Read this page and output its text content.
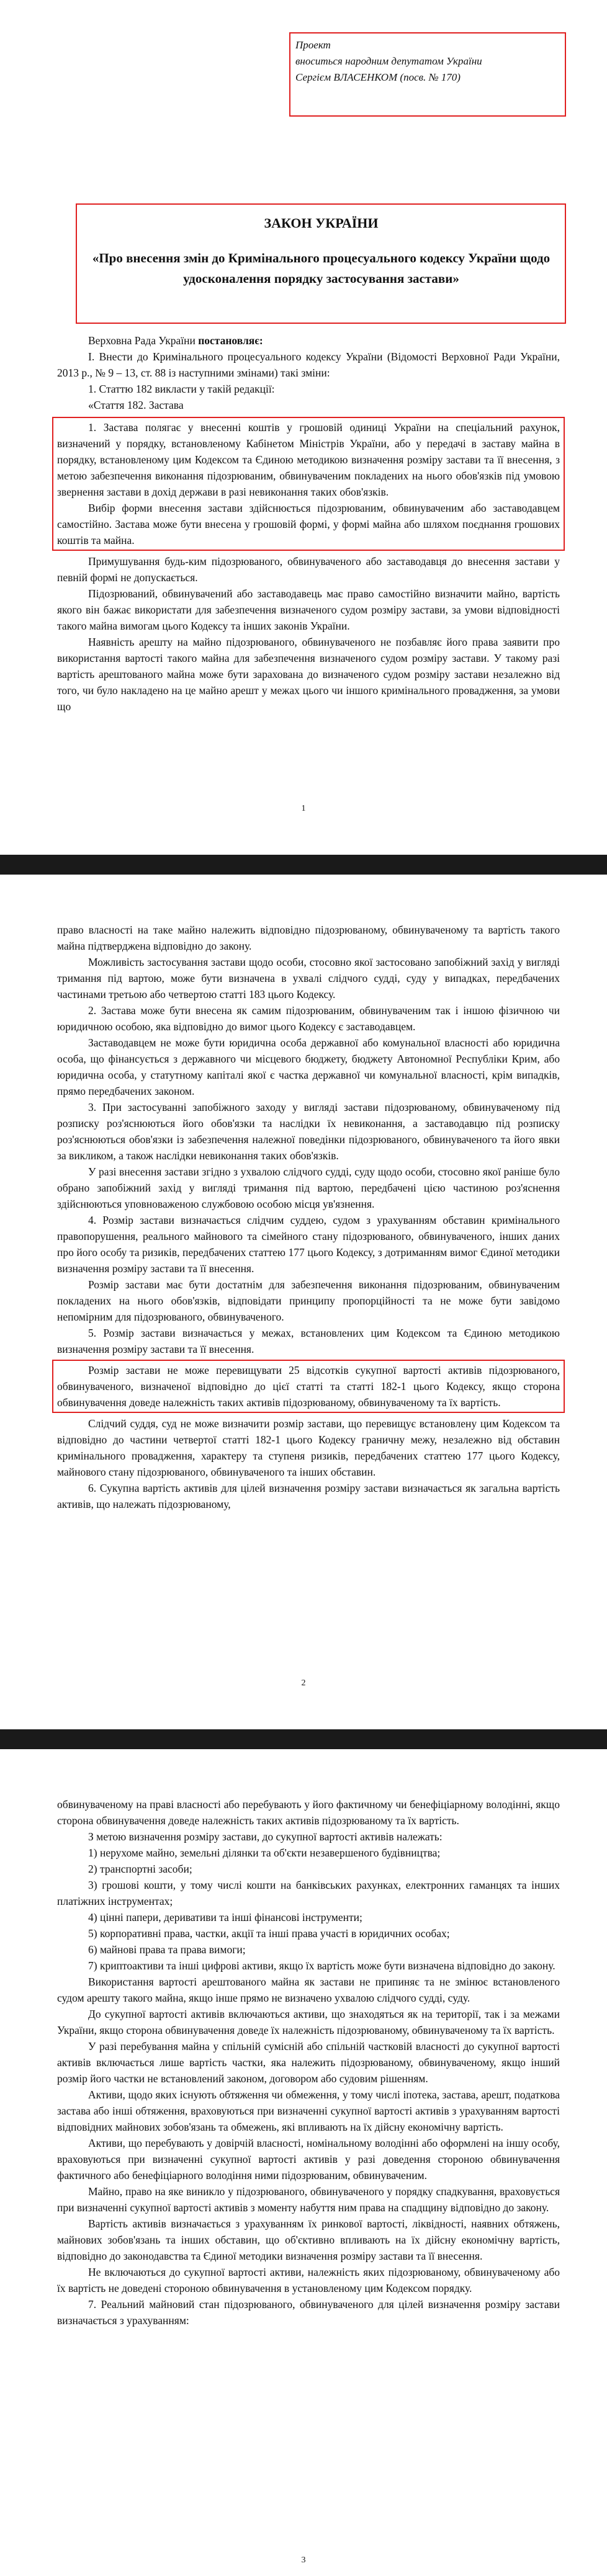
Проект
вноситься народним депутатом України
Сергієм ВЛАСЕНКОМ (посв. № 170)
ЗАКОН УКРАЇНИ
«Про внесення змін до Кримінального процесуального кодексу України щодо удосконалення порядку застосування застави»

Верховна Рада України постановляє:

І. Внести до Кримінального процесуального кодексу України (Відомості Верховної Ради України, 2013 р., № 9 – 13, ст. 88 із наступними змінами) такі зміни:

1. Статтю 182 викласти у такій редакції:

«Стаття 182. Застава

1. Застава полягає у внесенні коштів у грошовій одиниці України на спеціальний рахунок, визначений у порядку, встановленому Кабінетом Міністрів України, або у передачі в заставу майна в порядку, встановленому цим Кодексом та Єдиною методикою визначення розміру застави та її внесення, з метою забезпечення виконання підозрюваним, обвинуваченим покладених на нього обов'язків під умовою звернення застави в дохід держави в разі невиконання таких обов'язків.

Вибір форми внесення застави здійснюється підозрюваним, обвинуваченим або заставодавцем самостійно. Застава може бути внесена у грошовій формі, у формі майна або шляхом поєднання грошових коштів та майна.

Примушування будь-ким підозрюваного, обвинуваченого або заставодавця до внесення застави у певній формі не допускається.

Підозрюваний, обвинувачений або заставодавець має право самостійно визначити майно, вартість якого він бажає використати для забезпечення визначеного судом розміру застави, за умови відповідності такого майна вимогам цього Кодексу та інших законів України.

Наявність арешту на майно підозрюваного, обвинуваченого не позбавляє його права заявити про використання вартості такого майна для забезпечення визначеного судом розміру застави. У такому разі вартість арештованого майна може бути зарахована до визначеного судом розміру застави незалежно від того, чи було накладено на це майно арешт у межах цього чи іншого кримінального провадження, за умови що

1

право власності на таке майно належить відповідно підозрюваному, обвинуваченому та вартість такого майна підтверджена відповідно до закону.

Можливість застосування застави щодо особи, стосовно якої застосовано запобіжний захід у вигляді тримання під вартою, може бути визначена в ухвалі слідчого судді, суду у випадках, передбачених частинами третьою або четвертою статті 183 цього Кодексу.

2. Застава може бути внесена як самим підозрюваним, обвинуваченим так і іншою фізичною чи юридичною особою, яка відповідно до вимог цього Кодексу є заставодавцем.

Заставодавцем не може бути юридична особа державної або комунальної власності або юридична особа, що фінансується з державного чи місцевого бюджету, бюджету Автономної Республіки Крим, або юридична особа, у статутному капіталі якої є частка державної чи комунальної власності, крім випадків, прямо передбачених законом.

3. При застосуванні запобіжного заходу у вигляді застави підозрюваному, обвинуваченому під розписку роз'яснюються його обов'язки та наслідки їх невиконання, а заставодавцю під розписку роз'яснюються обов'язки із забезпечення належної поведінки підозрюваного, обвинуваченого та його явки за викликом, а також наслідки невиконання таких обов'язків.

У разі внесення застави згідно з ухвалою слідчого судді, суду щодо особи, стосовно якої раніше було обрано запобіжний захід у вигляді тримання під вартою, передбачені цією частиною роз'яснення здійснюються уповноваженою службовою особою місця ув'язнення.

4. Розмір застави визначається слідчим суддею, судом з урахуванням обставин кримінального правопорушення, реального майнового та сімейного стану підозрюваного, обвинуваченого, інших даних про його особу та ризиків, передбачених статтею 177 цього Кодексу, з дотриманням вимог Єдиної методики визначення розміру застави та її внесення.

Розмір застави має бути достатнім для забезпечення виконання підозрюваним, обвинуваченим покладених на нього обов'язків, відповідати принципу пропорційності та не може бути завідомо непомірним для підозрюваного, обвинуваченого.

5. Розмір застави визначається у межах, встановлених цим Кодексом та Єдиною методикою визначення розміру застави та її внесення.

Розмір застави не може перевищувати 25 відсотків сукупної вартості активів підозрюваного, обвинуваченого, визначеної відповідно до цієї статті та статті 182-1 цього Кодексу, якщо сторона обвинувачення доведе належність таких активів підозрюваному, обвинуваченому та їх вартість.

Слідчий суддя, суд не може визначити розмір застави, що перевищує встановлену цим Кодексом та відповідно до частини четвертої статті 182-1 цього Кодексу граничну межу, незалежно від обставин кримінального провадження, характеру та ступеня ризиків, передбачених статтею 177 цього Кодексу, майнового стану підозрюваного, обвинуваченого та інших обставин.

6. Сукупна вартість активів для цілей визначення розміру застави визначається як загальна вартість активів, що належать підозрюваному,

2

обвинуваченому на праві власності або перебувають у його фактичному чи бенефіціарному володінні, якщо сторона обвинувачення доведе належність таких активів підозрюваному та їх вартість.

З метою визначення розміру застави, до сукупної вартості активів належать:

1) нерухоме майно, земельні ділянки та об'єкти незавершеного будівництва;

2) транспортні засоби;

3) грошові кошти, у тому числі кошти на банківських рахунках, електронних гаманцях та інших платіжних інструментах;

4) цінні папери, деривативи та інші фінансові інструменти;

5) корпоративні права, частки, акції та інші права участі в юридичних особах;

6) майнові права та права вимоги;

7) криптоактиви та інші цифрові активи, якщо їх вартість може бути визначена відповідно до закону.

Використання вартості арештованого майна як застави не припиняє та не змінює встановленого судом арешту такого майна, якщо інше прямо не визначено ухвалою слідчого судді, суду.

До сукупної вартості активів включаються активи, що знаходяться як на території, так і за межами України, якщо сторона обвинувачення доведе їх належність підозрюваному, обвинуваченому та їх вартість.

У разі перебування майна у спільній сумісній або спільній частковій власності до сукупної вартості активів включається лише вартість частки, яка належить підозрюваному, обвинуваченому, якщо інший розмір його частки не встановлений законом, договором або судовим рішенням.

Активи, щодо яких існують обтяження чи обмеження, у тому числі іпотека, застава, арешт, податкова застава або інші обтяження, враховуються при визначенні сукупної вартості активів з урахуванням вартості відповідних майнових зобов'язань та обмежень, які впливають на їх дійсну економічну вартість.

Активи, що перебувають у довірчій власності, номінальному володінні або оформлені на іншу особу, враховуються при визначенні сукупної вартості активів у разі доведення стороною обвинувачення фактичного або бенефіціарного володіння ними підозрюваним, обвинуваченим.

Майно, право на яке виникло у підозрюваного, обвинуваченого у порядку спадкування, враховується при визначенні сукупної вартості активів з моменту набуття ним права на спадщину відповідно до закону.

Вартість активів визначається з урахуванням їх ринкової вартості, ліквідності, наявних обтяжень, майнових зобов'язань та інших обставин, що об'єктивно впливають на їх дійсну економічну вартість, відповідно до законодавства та Єдиної методики визначення розміру застави та її внесення.

Не включаються до сукупної вартості активи, належність яких підозрюваному, обвинуваченому або їх вартість не доведені стороною обвинувачення в установленому цим Кодексом порядку.

7. Реальний майновий стан підозрюваного, обвинуваченого для цілей визначення розміру застави визначається з урахуванням:

3
